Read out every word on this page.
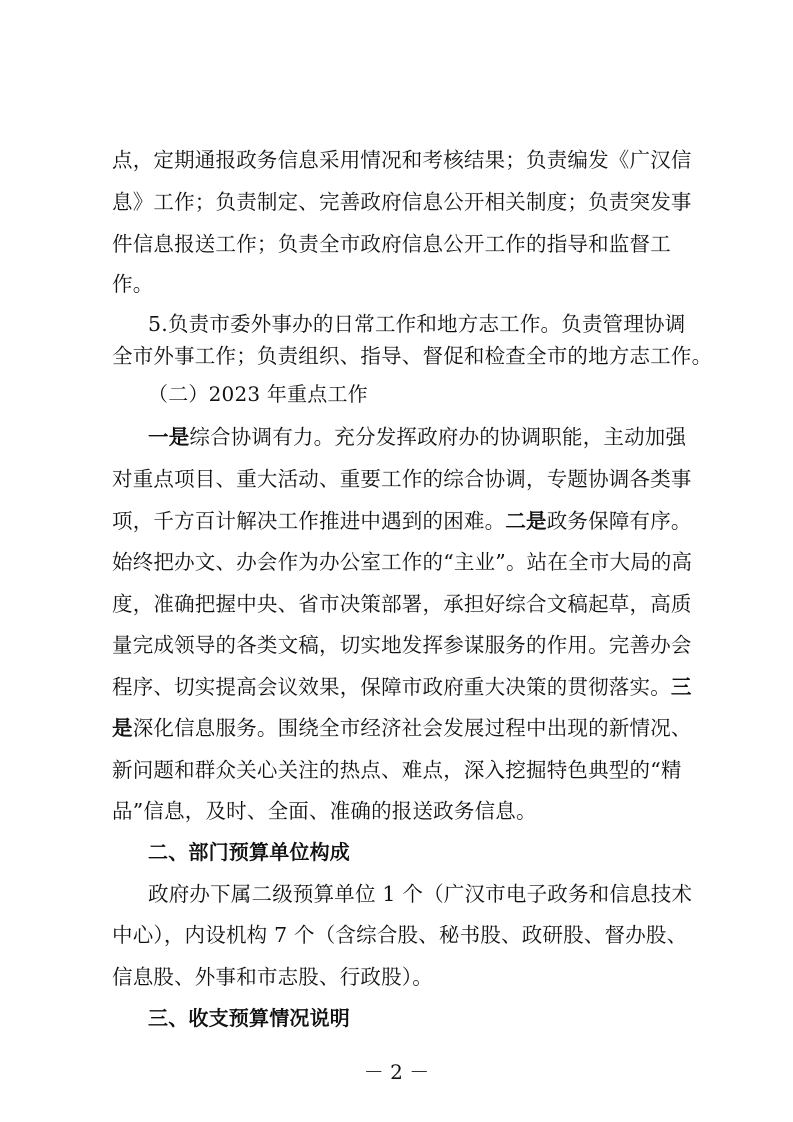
点，定期通报政务信息采用情况和考核结果；负责编发《广汉信
息》工作；负责制定、完善政府信息公开相关制度；负责突发事
件信息报送工作；负责全市政府信息公开工作的指导和监督工
作。
5.负责市委外事办的日常工作和地方志工作。负责管理协调
全市外事工作；负责组织、指导、督促和检查全市的地方志工作。
（二）2023 年重点工作
一是综合协调有力。充分发挥政府办的协调职能，主动加强
对重点项目、重大活动、重要工作的综合协调，专题协调各类事
项，千方百计解决工作推进中遇到的困难。二是政务保障有序。
始终把办文、办会作为办公室工作的“主业”。站在全市大局的高
度，准确把握中央、省市决策部署，承担好综合文稿起草，高质
量完成领导的各类文稿，切实地发挥参谋服务的作用。完善办会
程序、切实提高会议效果，保障市政府重大决策的贯彻落实。三
是深化信息服务。围绕全市经济社会发展过程中出现的新情况、
新问题和群众关心关注的热点、难点，深入挖掘特色典型的“精
品”信息，及时、全面、准确的报送政务信息。
二、部门预算单位构成
政府办下属二级预算单位 1 个（广汉市电子政务和信息技术
中心），内设机构 7 个（含综合股、秘书股、政研股、督办股、
信息股、外事和市志股、行政股）。
三、收支预算情况说明
－ 2 －
